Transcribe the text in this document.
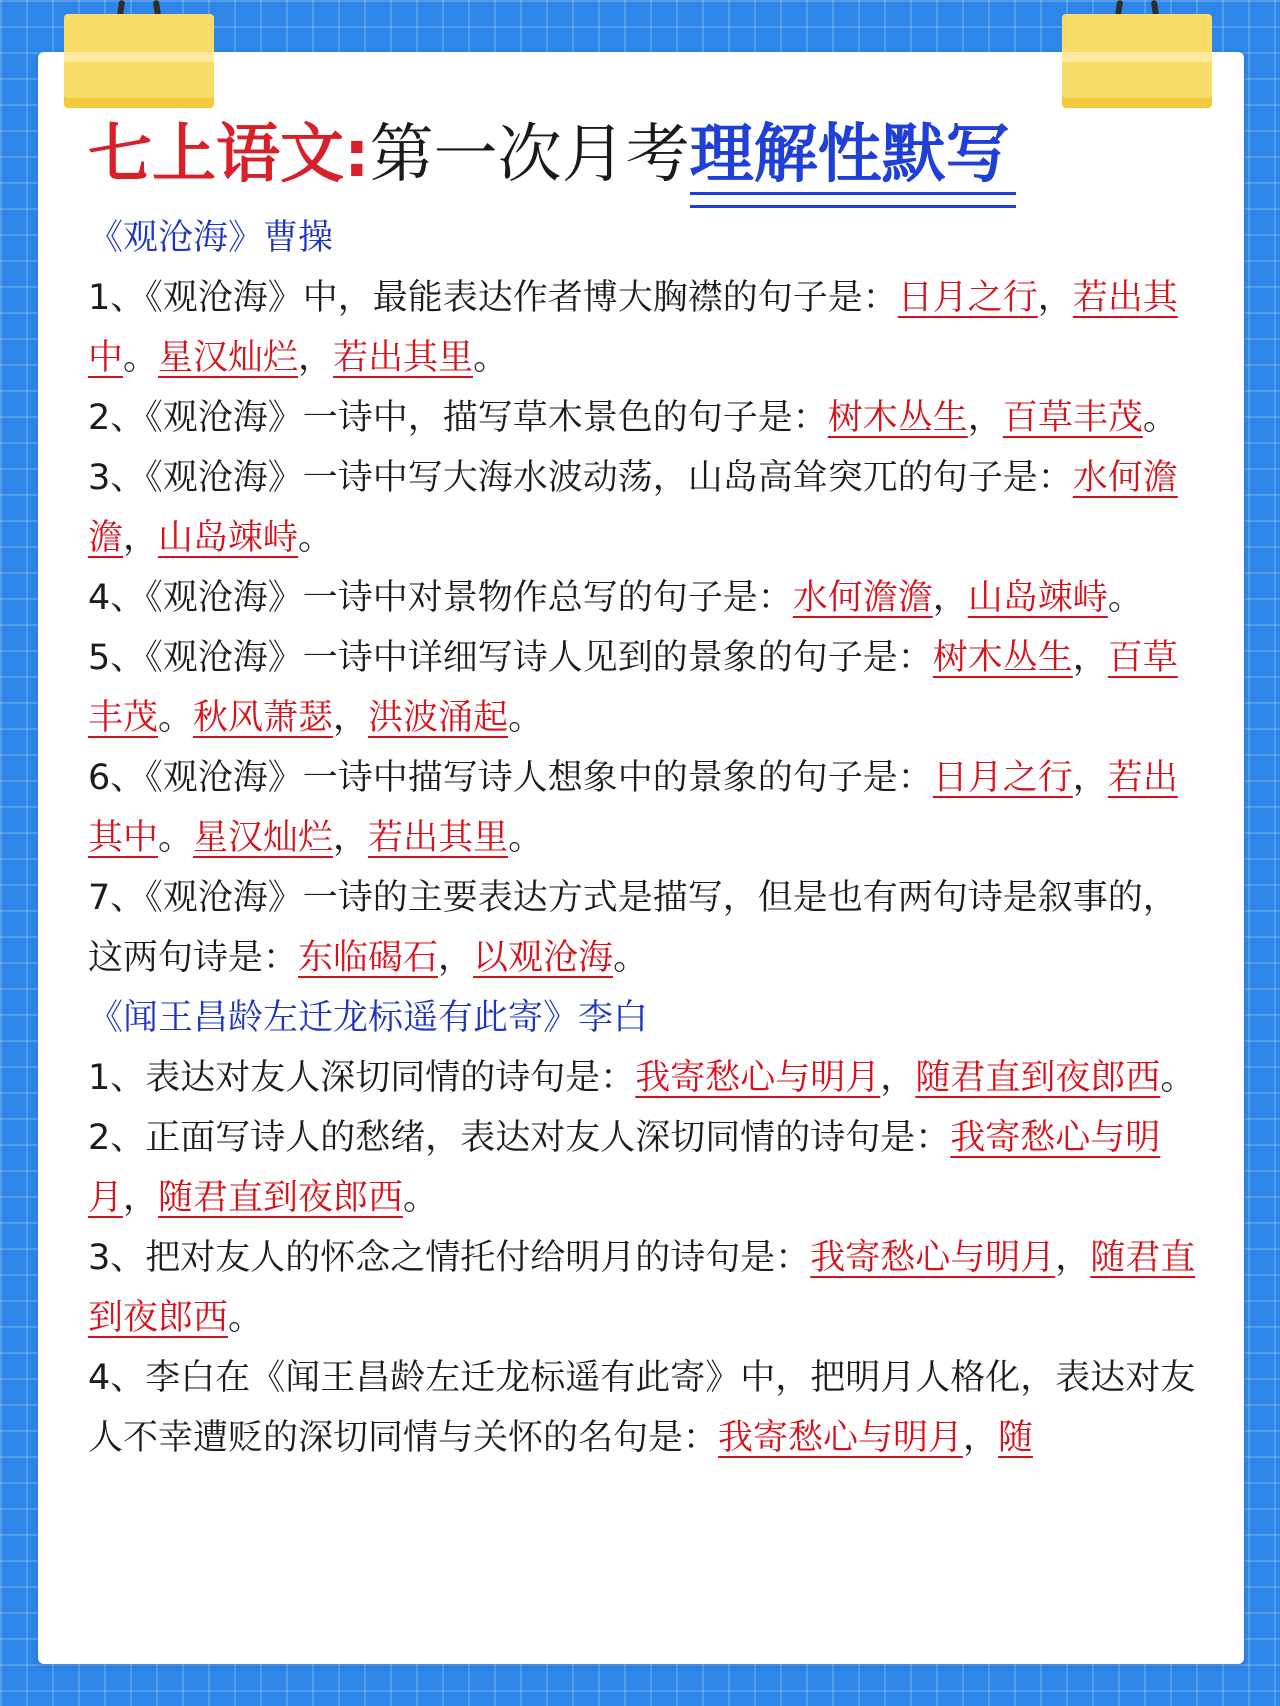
七上语文:第一次月考理解性默写
《观沧海》曹操

1、《观沧海》中，最能表达作者博大胸襟的句子是：日月之行，若出其中。星汉灿烂，若出其里。

2、《观沧海》一诗中，描写草木景色的句子是：树木丛生，百草丰茂。

3、《观沧海》一诗中写大海水波动荡，山岛高耸突兀的句子是：水何澹澹，山岛竦峙。

4、《观沧海》一诗中对景物作总写的句子是：水何澹澹，山岛竦峙。

5、《观沧海》一诗中详细写诗人见到的景象的句子是：树木丛生，百草丰茂。秋风萧瑟，洪波涌起。

6、《观沧海》一诗中描写诗人想象中的景象的句子是：日月之行，若出其中。星汉灿烂，若出其里。

7、《观沧海》一诗的主要表达方式是描写，但是也有两句诗是叙事的，这两句诗是：东临碣石，以观沧海。

《闻王昌龄左迁龙标遥有此寄》李白

1、表达对友人深切同情的诗句是：我寄愁心与明月，随君直到夜郎西。

2、正面写诗人的愁绪，表达对友人深切同情的诗句是：我寄愁心与明月，随君直到夜郎西。

3、把对友人的怀念之情托付给明月的诗句是：我寄愁心与明月，随君直到夜郎西。

4、李白在《闻王昌龄左迁龙标遥有此寄》中，把明月人格化，表达对友人不幸遭贬的深切同情与关怀的名句是：我寄愁心与明月，随
